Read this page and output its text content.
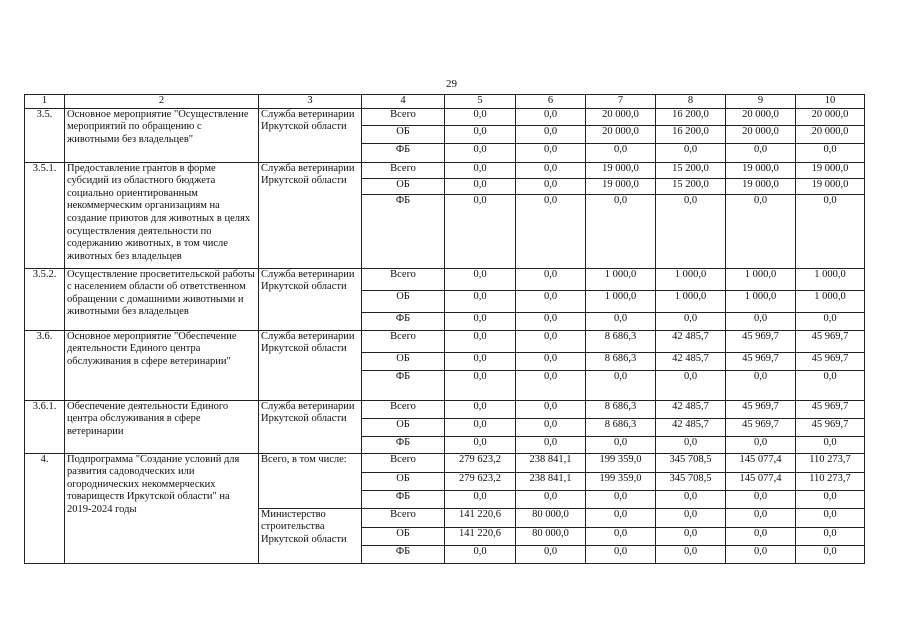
29
1	2	3	4	5	6	7	8	9	10
3.5.	Основное мероприятие "Осуществление мероприятий по обращению с животными без владельцев"	Служба ветеринарии Иркутской области	Всего	0,0	0,0	20 000,0	16 200,0	20 000,0	20 000,0
			ОБ	0,0	0,0	20 000,0	16 200,0	20 000,0	20 000,0
			ФБ	0,0	0,0	0,0	0,0	0,0	0,0
3.5.1.	Предоставление грантов в форме субсидий из областного бюджета социально ориентированным некоммерческим организациям на создание приютов для животных в целях осуществления деятельности по содержанию животных, в том числе животных без владельцев	Служба ветеринарии Иркутской области	Всего	0,0	0,0	19 000,0	15 200,0	19 000,0	19 000,0
			ОБ	0,0	0,0	19 000,0	15 200,0	19 000,0	19 000,0
			ФБ	0,0	0,0	0,0	0,0	0,0	0,0
3.5.2.	Осуществление просветительской работы с населением области об ответственном обращении с домашними животными и животными без владельцев	Служба ветеринарии Иркутской области	Всего	0,0	0,0	1 000,0	1 000,0	1 000,0	1 000,0
			ОБ	0,0	0,0	1 000,0	1 000,0	1 000,0	1 000,0
			ФБ	0,0	0,0	0,0	0,0	0,0	0,0
3.6.	Основное мероприятие "Обеспечение деятельности Единого центра обслуживания в сфере ветеринарии"	Служба ветеринарии Иркутской области	Всего	0,0	0,0	8 686,3	42 485,7	45 969,7	45 969,7
			ОБ	0,0	0,0	8 686,3	42 485,7	45 969,7	45 969,7
			ФБ	0,0	0,0	0,0	0,0	0,0	0,0
3.6.1.	Обеспечение деятельности Единого центра обслуживания в сфере ветеринарии	Служба ветеринарии Иркутской области	Всего	0,0	0,0	8 686,3	42 485,7	45 969,7	45 969,7
			ОБ	0,0	0,0	8 686,3	42 485,7	45 969,7	45 969,7
			ФБ	0,0	0,0	0,0	0,0	0,0	0,0
4.	Подпрограмма "Создание условий для развития садоводческих или огороднических некоммерческих товариществ Иркутской области" на 2019-2024 годы	Всего, в том числе:	Всего	279 623,2	238 841,1	199 359,0	345 708,5	145 077,4	110 273,7
			ОБ	279 623,2	238 841,1	199 359,0	345 708,5	145 077,4	110 273,7
			ФБ	0,0	0,0	0,0	0,0	0,0	0,0
		Министерство строительства Иркутской области	Всего	141 220,6	80 000,0	0,0	0,0	0,0	0,0
			ОБ	141 220,6	80 000,0	0,0	0,0	0,0	0,0
			ФБ	0,0	0,0	0,0	0,0	0,0	0,0
